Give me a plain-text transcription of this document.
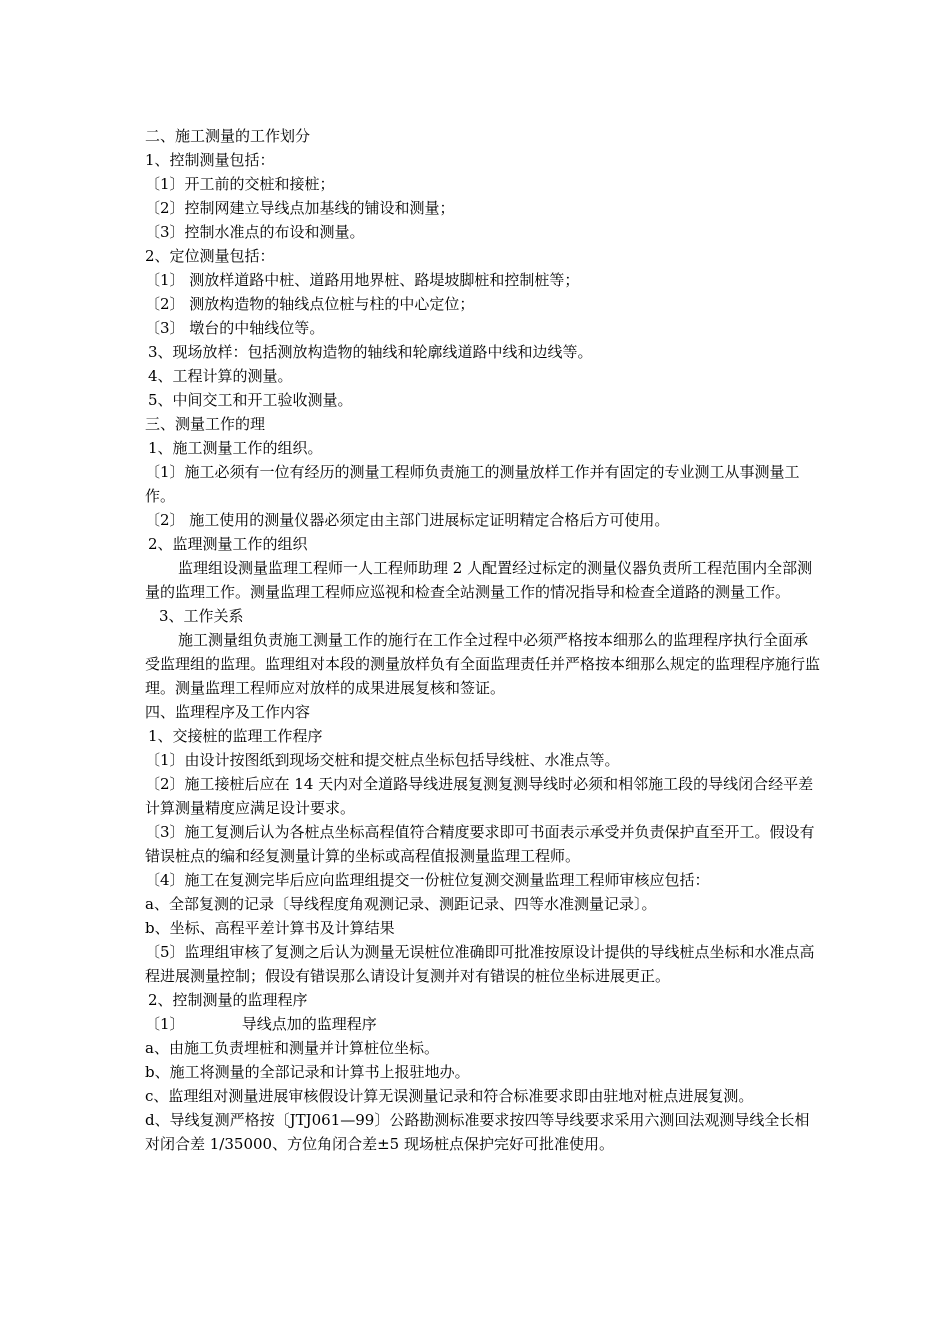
二、施工测量的工作划分

1、控制测量包括：

〔1〕开工前的交桩和接桩；

〔2〕控制网建立导线点加基线的铺设和测量；

〔3〕控制水准点的布设和测量。

2、定位测量包括：

〔1〕 测放样道路中桩、道路用地界桩、路堤坡脚桩和控制桩等；

〔2〕 测放构造物的轴线点位桩与柱的中心定位；

〔3〕 墩台的中轴线位等。

3、现场放样：包括测放构造物的轴线和轮廓线道路中线和边线等。

4、工程计算的测量。

5、中间交工和开工验收测量。

三、测量工作的理

1、施工测量工作的组织。

〔1〕施工必须有一位有经历的测量工程师负责施工的测量放样工作并有固定的专业测工从事测量工作。

〔2〕 施工使用的测量仪器必须定由主部门进展标定证明精定合格后方可使用。

2、监理测量工作的组织

监理组设测量监理工程师一人工程师助理 2 人配置经过标定的测量仪器负责所工程范围内全部测量的监理工作。测量监理工程师应巡视和检查全站测量工作的情况指导和检查全道路的测量工作。

3、工作关系

施工测量组负责施工测量工作的施行在工作全过程中必须严格按本细那么的监理程序执行全面承受监理组的监理。监理组对本段的测量放样负有全面监理责任并严格按本细那么规定的监理程序施行监理。测量监理工程师应对放样的成果进展复核和签证。

四、监理程序及工作内容

1、交接桩的监理工作程序

〔1〕由设计按图纸到现场交桩和提交桩点坐标包括导线桩、水准点等。

〔2〕施工接桩后应在 14 天内对全道路导线进展复测复测导线时必须和相邻施工段的导线闭合经平差计算测量精度应满足设计要求。

〔3〕施工复测后认为各桩点坐标高程值符合精度要求即可书面表示承受并负责保护直至开工。假设有错误桩点的编和经复测量计算的坐标或高程值报测量监理工程师。

〔4〕施工在复测完毕后应向监理组提交一份桩位复测交测量监理工程师审核应包括：

a、全部复测的记录〔导线程度角观测记录、测距记录、四等水准测量记录〕。

b、坐标、高程平差计算书及计算结果

〔5〕监理组审核了复测之后认为测量无误桩位准确即可批准按原设计提供的导线桩点坐标和水准点高程进展测量控制；假设有错误那么请设计复测并对有错误的桩位坐标进展更正。

2、控制测量的监理程序

〔1〕            导线点加的监理程序

a、由施工负责埋桩和测量并计算桩位坐标。

b、施工将测量的全部记录和计算书上报驻地办。

c、监理组对测量进展审核假设计算无误测量记录和符合标准要求即由驻地对桩点进展复测。

d、导线复测严格按〔JTJ061—99〕公路勘测标准要求按四等导线要求采用六测回法观测导线全长相对闭合差 1/35000、方位角闭合差±5 现场桩点保护完好可批准使用。
